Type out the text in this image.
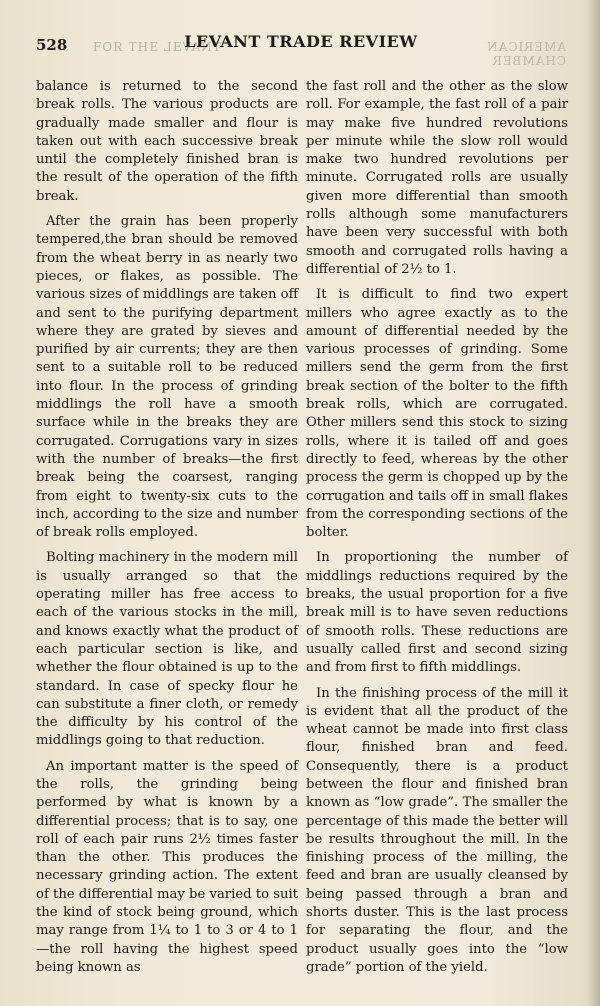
528 TNAVƎL ƎHT ЯOꟻ	AMERICAN CHAMBER
LEVANT TRADE REVIEW

balance is returned to the second break rolls. The various products are gradually made smaller and flour is taken out with each successive break until the completely finished bran is the result of the operation of the fifth break.

After the grain has been properly tempered,the bran should be removed from the wheat berry in as nearly two pieces, or flakes, as possible. The various sizes of middlings are taken off and sent to the purifying department where they are grated by sieves and purified by air currents; they are then sent to a suitable roll to be reduced into flour. In the process of grinding middlings the roll have a smooth surface while in the breaks they are corrugated. Corrugations vary in sizes with the number of breaks—the first break being the coarsest, ranging from eight to twenty-six cuts to the inch, according to the size and number of break rolls employed.

Bolting machinery in the modern mill is usually arranged so that the operating miller has free access to each of the various stocks in the mill, and knows exactly what the product of each particular section is like, and whether the flour obtained is up to the standard. In case of specky flour he can substitute a finer cloth, or remedy the difficulty by his control of the middlings going to that reduction.

An important matter is the speed of the rolls, the grinding being performed by what is known by a differential process; that is to say, one roll of each pair runs 2½ times faster than the other. This produces the necessary grinding action. The extent of the differential may be varied to suit the kind of stock being ground, which may range from 1¼ to 1 to 3 or 4 to 1—the roll having the highest speed being known as

the fast roll and the other as the slow roll. For example, the fast roll of a pair may make five hundred revolutions per minute while the slow roll would make two hundred revolutions per minute. Corrugated rolls are usually given more differential than smooth rolls although some manufacturers have been very successful with both smooth and corrugated rolls having a differential of 2½ to 1.

It is difficult to find two expert millers who agree exactly as to the amount of differential needed by the various processes of grinding. Some millers send the germ from the first break section of the bolter to the fifth break rolls, which are corrugated. Other millers send this stock to sizing rolls, where it is tailed off and goes directly to feed, whereas by the other process the germ is chopped up by the corrugation and tails off in small flakes from the corresponding sections of the bolter.

In proportioning the number of middlings reductions required by the breaks, the usual proportion for a five break mill is to have seven reductions of smooth rolls. These reductions are usually called first and second sizing and from first to fifth middlings.

In the finishing process of the mill it is evident that all the product of the wheat cannot be made into first class flour, finished bran and feed. Consequently, there is a product between the flour and finished bran known as “low grade”. The smaller the percentage of this made the better will be results throughout the mill. In the finishing process of the milling, the feed and bran are usually cleansed by being passed through a bran and shorts duster. This is the last process for separating the flour, and the product usually goes into the “low grade” portion of the yield.
